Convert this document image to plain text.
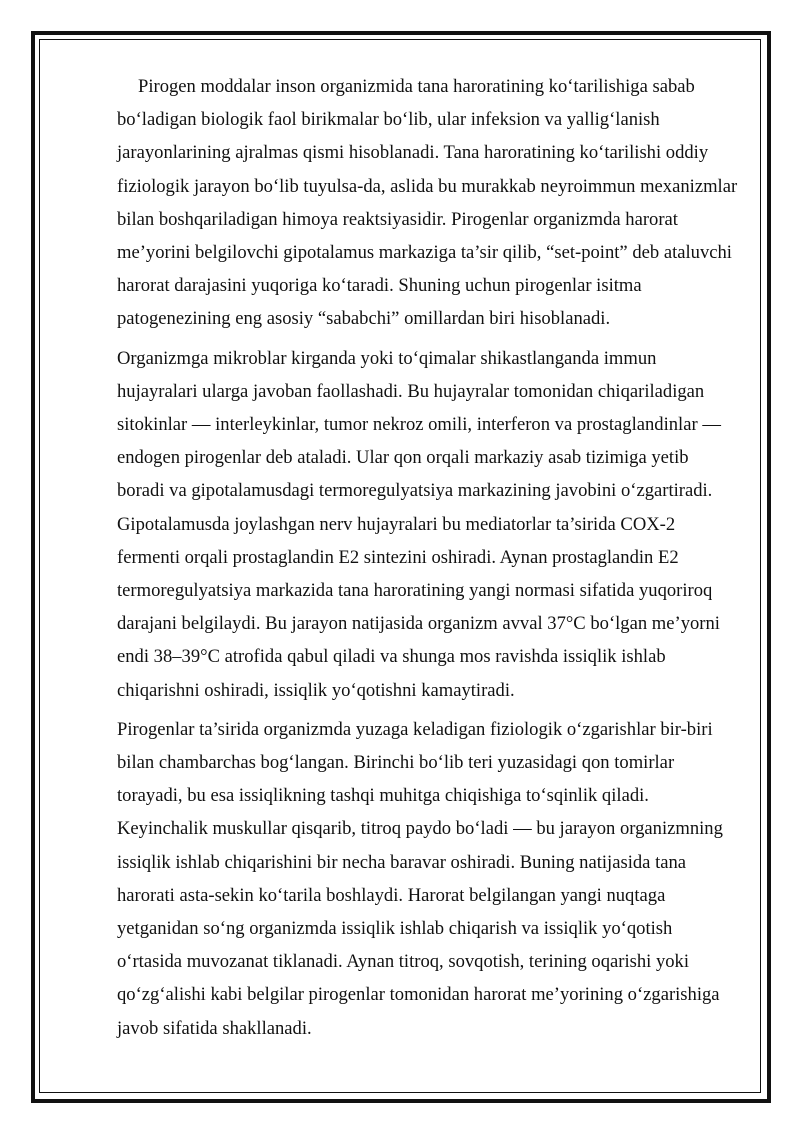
Pirogen moddalar inson organizmida tana haroratining ko‘tarilishiga sabab
bo‘ladigan biologik faol birikmalar bo‘lib, ular infeksion va yallig‘lanish
jarayonlarining ajralmas qismi hisoblanadi. Tana haroratining ko‘tarilishi oddiy
fiziologik jarayon bo‘lib tuyulsa-da, aslida bu murakkab neyroimmun mexanizmlar
bilan boshqariladigan himoya reaktsiyasidir. Pirogenlar organizmda harorat
me’yorini belgilovchi gipotalamus markaziga ta’sir qilib, “set-point” deb ataluvchi
harorat darajasini yuqoriga ko‘taradi. Shuning uchun pirogenlar isitma
patogenezining eng asosiy “sababchi” omillardan biri hisoblanadi.

Organizmga mikroblar kirganda yoki to‘qimalar shikastlanganda immun
hujayralari ularga javoban faollashadi. Bu hujayralar tomonidan chiqariladigan
sitokinlar — interleykinlar, tumor nekroz omili, interferon va prostaglandinlar —
endogen pirogenlar deb ataladi. Ular qon orqali markaziy asab tizimiga yetib
boradi va gipotalamusdagi termoregulyatsiya markazining javobini o‘zgartiradi.
Gipotalamusda joylashgan nerv hujayralari bu mediatorlar ta’sirida COX-2
fermenti orqali prostaglandin E2 sintezini oshiradi. Aynan prostaglandin E2
termoregulyatsiya markazida tana haroratining yangi normasi sifatida yuqoriroq
darajani belgilaydi. Bu jarayon natijasida organizm avval 37°C bo‘lgan me’yorni
endi 38–39°C atrofida qabul qiladi va shunga mos ravishda issiqlik ishlab
chiqarishni oshiradi, issiqlik yo‘qotishni kamaytiradi.

Pirogenlar ta’sirida organizmda yuzaga keladigan fiziologik o‘zgarishlar bir-biri
bilan chambarchas bog‘langan. Birinchi bo‘lib teri yuzasidagi qon tomirlar
torayadi, bu esa issiqlikning tashqi muhitga chiqishiga to‘sqinlik qiladi.
Keyinchalik muskullar qisqarib, titroq paydo bo‘ladi — bu jarayon organizmning
issiqlik ishlab chiqarishini bir necha baravar oshiradi. Buning natijasida tana
harorati asta-sekin ko‘tarila boshlaydi. Harorat belgilangan yangi nuqtaga
yetganidan so‘ng organizmda issiqlik ishlab chiqarish va issiqlik yo‘qotish
o‘rtasida muvozanat tiklanadi. Aynan titroq, sovqotish, terining oqarishi yoki
qo‘zg‘alishi kabi belgilar pirogenlar tomonidan harorat me’yorining o‘zgarishiga
javob sifatida shakllanadi.
